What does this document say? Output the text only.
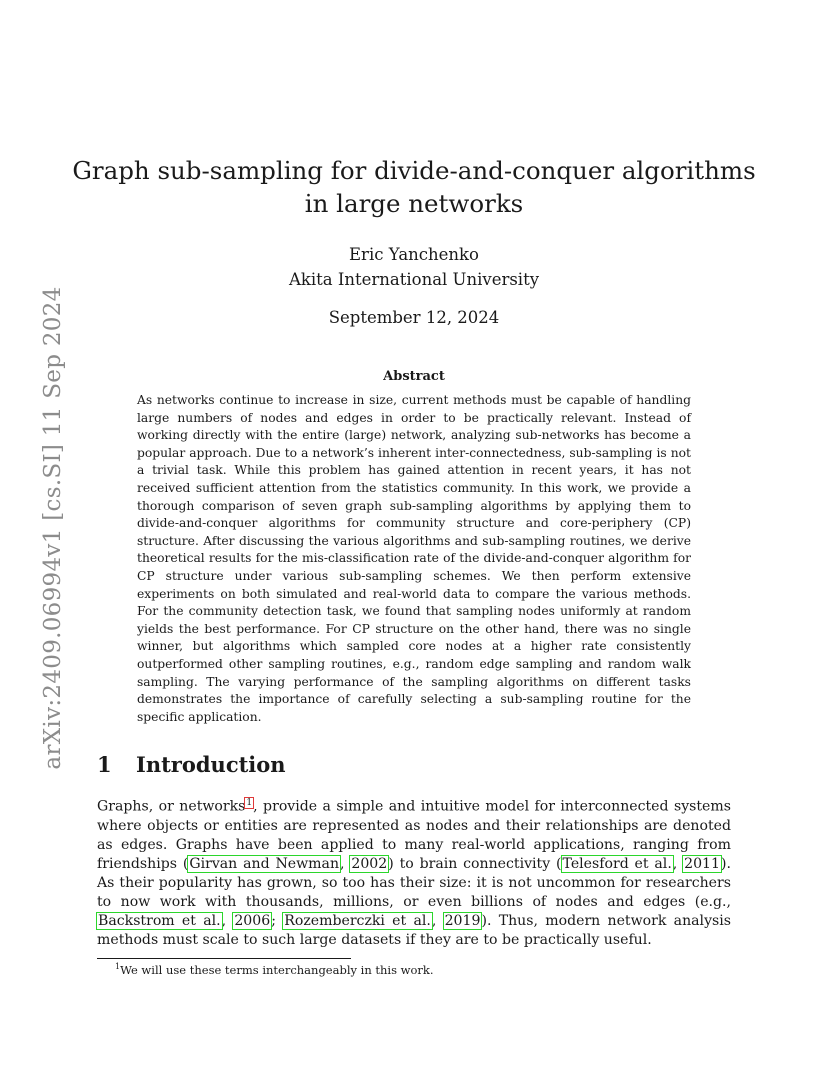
arXiv:2409.06994v1 [cs.SI] 11 Sep 2024
Graph sub-sampling for divide-and-conquer algorithms
in large networks
Eric Yanchenko
Akita International University
September 12, 2024
Abstract
As networks continue to increase in size, current methods must be capable of handling large numbers of nodes and edges in order to be practically relevant. Instead of working directly with the entire (large) network, analyzing sub-networks has become a popular approach. Due to a network’s inherent inter-connectedness, sub-sampling is not a trivial task. While this problem has gained attention in recent years, it has not received sufficient attention from the statistics community. In this work, we provide a thorough comparison of seven graph sub-sampling algorithms by applying them to divide-and-conquer algorithms for community structure and core-periphery (CP) structure. After discussing the various algorithms and sub-sampling routines, we derive theoretical results for the mis-classification rate of the divide-and-conquer algorithm for CP structure under various sub-sampling schemes. We then perform extensive experiments on both simulated and real-world data to compare the various methods. For the community detection task, we found that sampling nodes uniformly at random yields the best performance. For CP structure on the other hand, there was no single winner, but algorithms which sampled core nodes at a higher rate consistently outperformed other sampling routines, e.g., random edge sampling and random walk sampling. The varying performance of the sampling algorithms on different tasks demonstrates the importance of carefully selecting a sub-sampling routine for the specific application.
1 Introduction
Graphs, or networks$^1$, provide a simple and intuitive model for interconnected systems where objects or entities are represented as nodes and their relationships are denoted as edges. Graphs have been applied to many real-world applications, ranging from friendships (Girvan and Newman, 2002) to brain connectivity (Telesford et al., 2011). As their popularity has grown, so too has their size: it is not uncommon for researchers to now work with thousands, millions, or even billions of nodes and edges (e.g., Backstrom et al., 2006; Rozemberczki et al., 2019). Thus, modern network analysis methods must scale to such large datasets if they are to be practically useful.
$^1$We will use these terms interchangeably in this work.
